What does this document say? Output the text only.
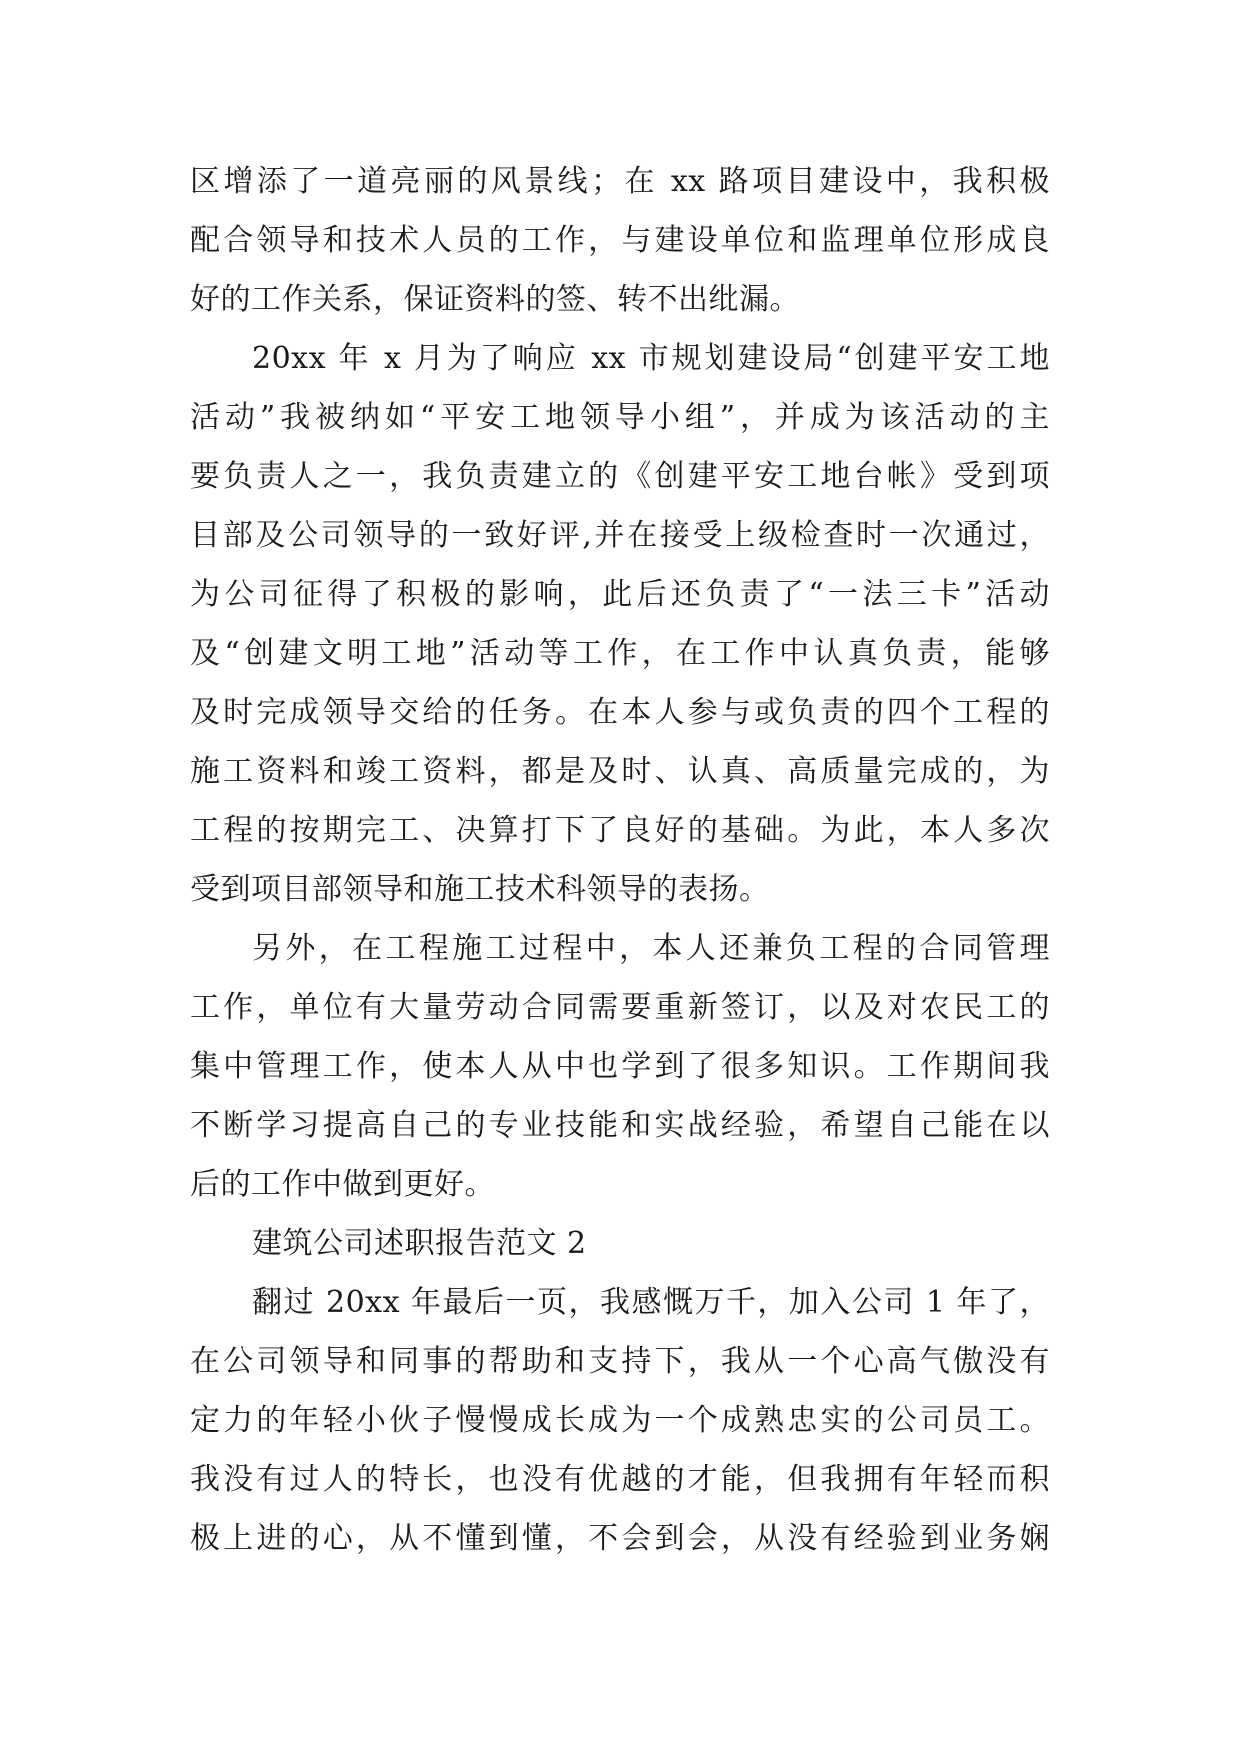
区增添了一道亮丽的风景线；在 xx 路项目建设中，我积极
配合领导和技术人员的工作，与建设单位和监理单位形成良
好的工作关系，保证资料的签、转不出纰漏。
20xx 年 x 月为了响应 xx 市规划建设局“创建平安工地
活动”我被纳如“平安工地领导小组”，并成为该活动的主
要负责人之一，我负责建立的《创建平安工地台帐》受到项
目部及公司领导的一致好评,并在接受上级检查时一次通过，
为公司征得了积极的影响，此后还负责了“一法三卡”活动
及“创建文明工地”活动等工作，在工作中认真负责，能够
及时完成领导交给的任务。在本人参与或负责的四个工程的
施工资料和竣工资料，都是及时、认真、高质量完成的，为
工程的按期完工、决算打下了良好的基础。为此，本人多次
受到项目部领导和施工技术科领导的表扬。
另外，在工程施工过程中，本人还兼负工程的合同管理
工作，单位有大量劳动合同需要重新签订，以及对农民工的
集中管理工作，使本人从中也学到了很多知识。工作期间我
不断学习提高自己的专业技能和实战经验，希望自己能在以
后的工作中做到更好。
建筑公司述职报告范文 2
翻过 20xx 年最后一页，我感慨万千，加入公司 1 年了，
在公司领导和同事的帮助和支持下，我从一个心高气傲没有
定力的年轻小伙子慢慢成长成为一个成熟忠实的公司员工。
我没有过人的特长，也没有优越的才能，但我拥有年轻而积
极上进的心，从不懂到懂，不会到会，从没有经验到业务娴
